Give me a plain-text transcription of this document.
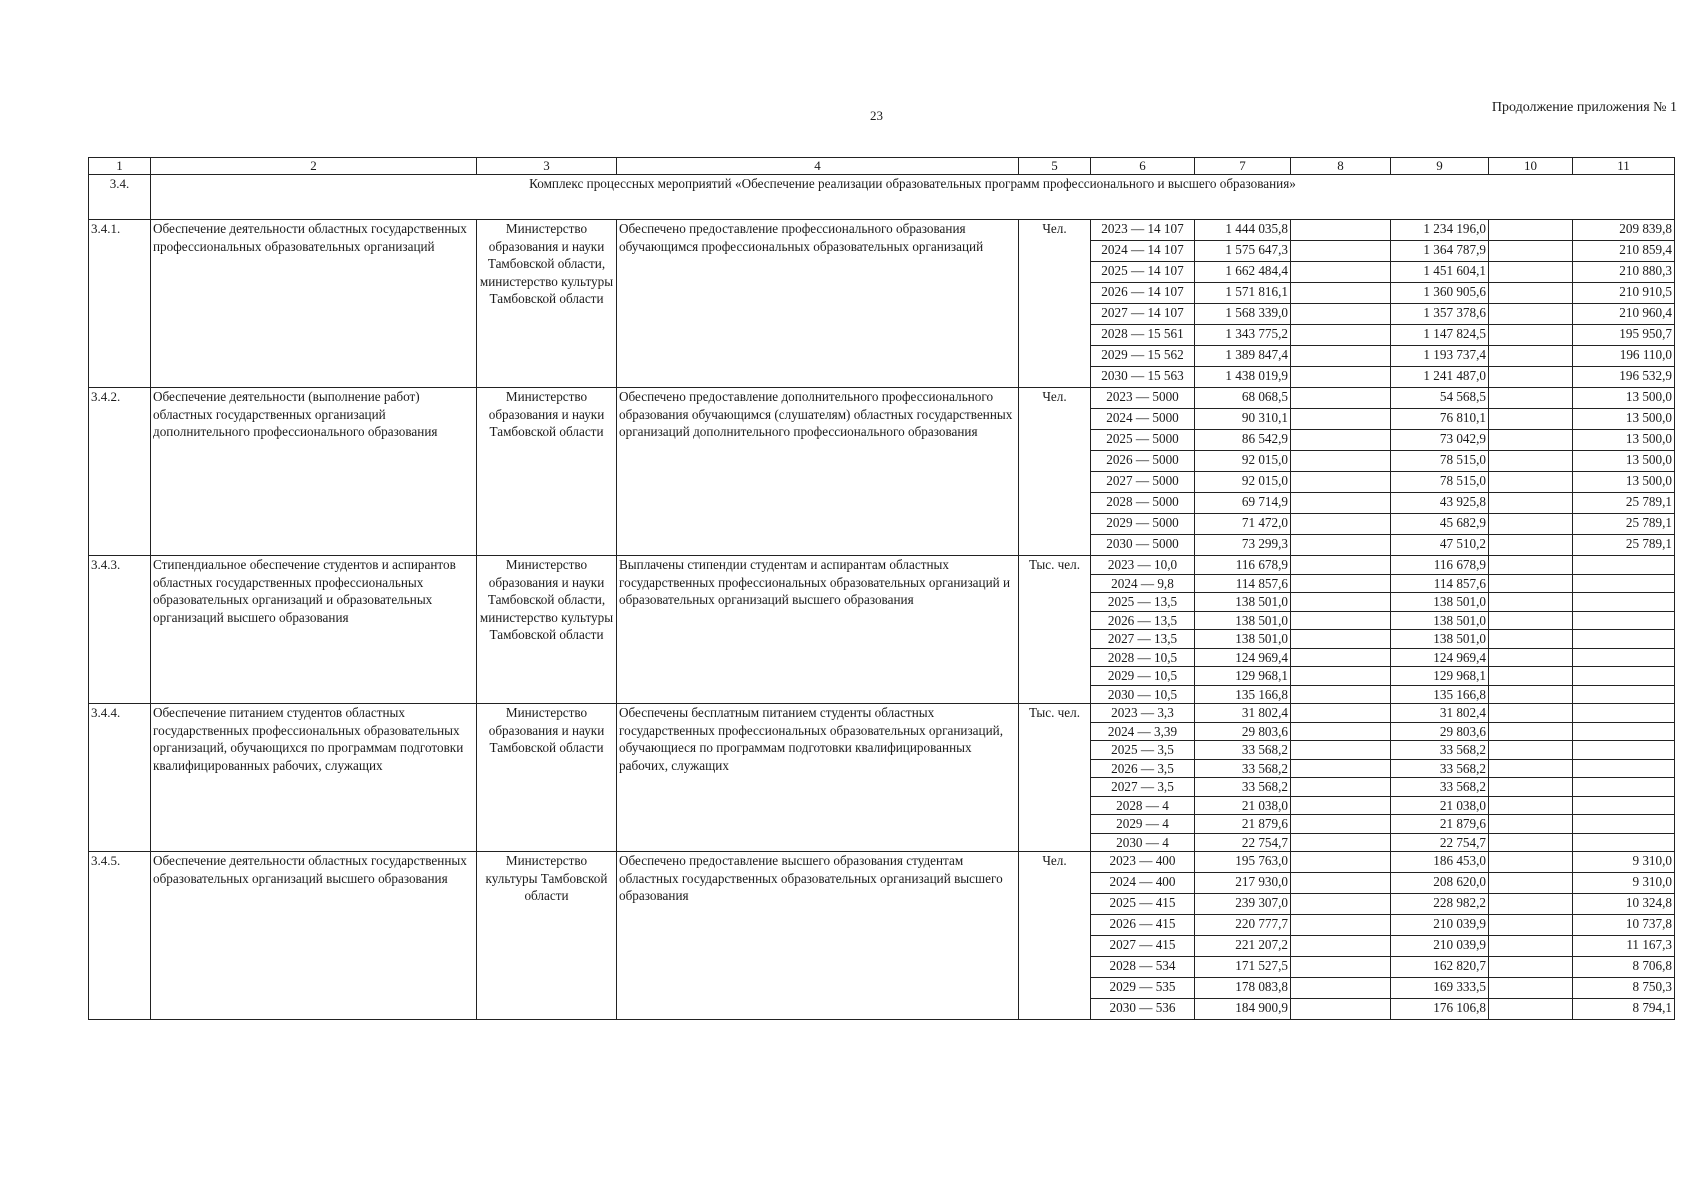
23
Продолжение приложения № 1
1	2	3	4	5	6	7	8	9	10	11
3.4.	Комплекс процессных мероприятий «Обеспечение реализации образовательных программ профессионального и высшего образования»									
3.4.1.	Обеспечение деятельности областных государственных профессиональных образовательных организаций	Министерство образования и науки Тамбовской области, министерство культуры Тамбовской области	Обеспечено предоставление профессионального образования обучающимся профессиональных образовательных организаций	Чел.	2023 — 14 107	1 444 035,8		1 234 196,0		209 839,8
					2024 — 14 107	1 575 647,3		1 364 787,9		210 859,4
					2025 — 14 107	1 662 484,4		1 451 604,1		210 880,3
					2026 — 14 107	1 571 816,1		1 360 905,6		210 910,5
					2027 — 14 107	1 568 339,0		1 357 378,6		210 960,4
					2028 — 15 561	1 343 775,2		1 147 824,5		195 950,7
					2029 — 15 562	1 389 847,4		1 193 737,4		196 110,0
					2030 — 15 563	1 438 019,9		1 241 487,0		196 532,9
3.4.2.	Обеспечение деятельности (выполнение работ) областных государственных организаций дополнительного профессионального образования	Министерство образования и науки Тамбовской области	Обеспечено предоставление дополнительного профессионального образования обучающимся (слушателям) областных государственных организаций дополнительного профессионального образования	Чел.	2023 — 5000	68 068,5		54 568,5		13 500,0
					2024 — 5000	90 310,1		76 810,1		13 500,0
					2025 — 5000	86 542,9		73 042,9		13 500,0
					2026 — 5000	92 015,0		78 515,0		13 500,0
					2027 — 5000	92 015,0		78 515,0		13 500,0
					2028 — 5000	69 714,9		43 925,8		25 789,1
					2029 — 5000	71 472,0		45 682,9		25 789,1
					2030 — 5000	73 299,3		47 510,2		25 789,1
3.4.3.	Стипендиальное обеспечение студентов и аспирантов областных государственных профессиональных образовательных организаций и образовательных организаций высшего образования	Министерство образования и науки Тамбовской области, министерство культуры Тамбовской области	Выплачены стипендии студентам и аспирантам областных государственных профессиональных образовательных организаций и образовательных организаций высшего образования	Тыс. чел.	2023 — 10,0	116 678,9		116 678,9		
					2024 — 9,8	114 857,6		114 857,6		
					2025 — 13,5	138 501,0		138 501,0		
					2026 — 13,5	138 501,0		138 501,0		
					2027 — 13,5	138 501,0		138 501,0		
					2028 — 10,5	124 969,4		124 969,4		
					2029 — 10,5	129 968,1		129 968,1		
					2030 — 10,5	135 166,8		135 166,8		
3.4.4.	Обеспечение питанием студентов областных государственных профессиональных образовательных организаций, обучающихся по программам подготовки квалифицированных рабочих, служащих	Министерство образования и науки Тамбовской области	Обеспечены бесплатным питанием студенты областных государственных профессиональных образовательных организаций, обучающиеся по программам подготовки квалифицированных рабочих, служащих	Тыс. чел.	2023 — 3,3	31 802,4		31 802,4		
					2024 — 3,39	29 803,6		29 803,6		
					2025 — 3,5	33 568,2		33 568,2		
					2026 — 3,5	33 568,2		33 568,2		
					2027 — 3,5	33 568,2		33 568,2		
					2028 — 4	21 038,0		21 038,0		
					2029 — 4	21 879,6		21 879,6		
					2030 — 4	22 754,7		22 754,7		
3.4.5.	Обеспечение деятельности областных государственных образовательных организаций высшего образования	Министерство культуры Тамбовской области	Обеспечено предоставление высшего образования студентам областных государственных образовательных организаций высшего образования	Чел.	2023 — 400	195 763,0		186 453,0		9 310,0
					2024 — 400	217 930,0		208 620,0		9 310,0
					2025 — 415	239 307,0		228 982,2		10 324,8
					2026 — 415	220 777,7		210 039,9		10 737,8
					2027 — 415	221 207,2		210 039,9		11 167,3
					2028 — 534	171 527,5		162 820,7		8 706,8
					2029 — 535	178 083,8		169 333,5		8 750,3
					2030 — 536	184 900,9		176 106,8		8 794,1
